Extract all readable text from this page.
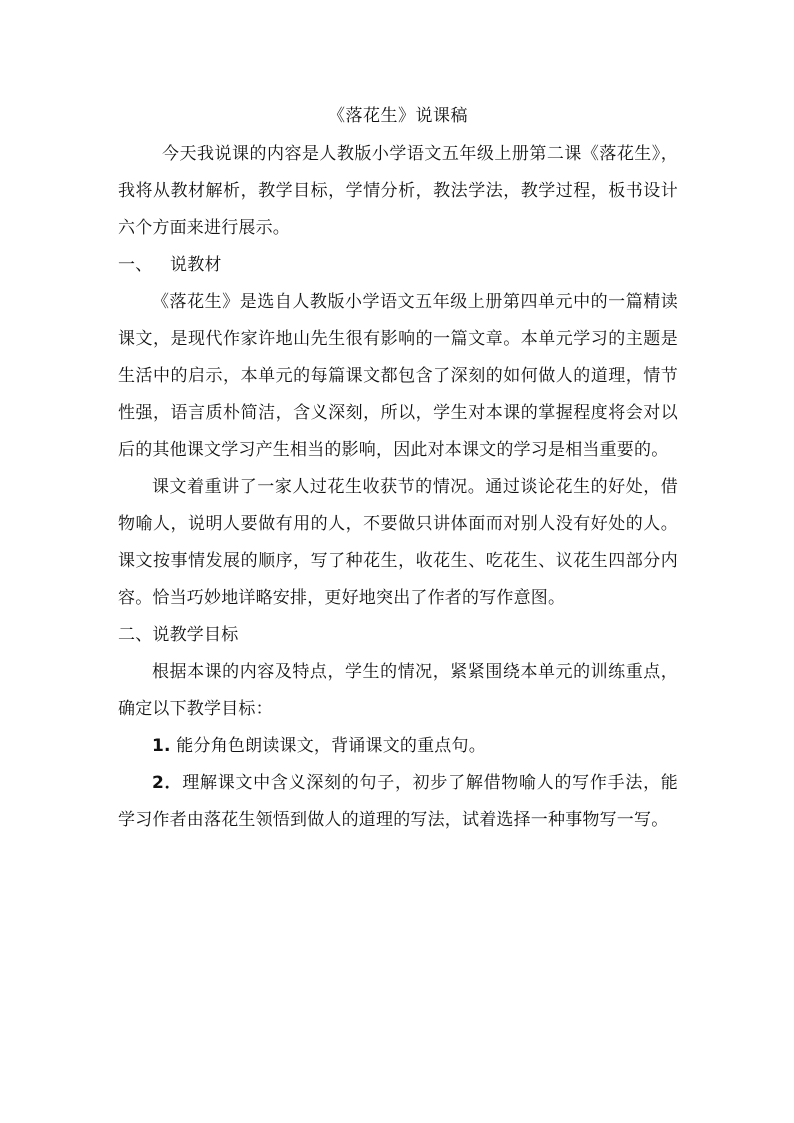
《落花生》说课稿

今天我说课的内容是人教版小学语文五年级上册第二课《落花生》，我将从教材解析，教学目标，学情分析，教法学法，教学过程，板书设计六个方面来进行展示。

一、 说教材

《落花生》是选自人教版小学语文五年级上册第四单元中的一篇精读课文，是现代作家许地山先生很有影响的一篇文章。本单元学习的主题是生活中的启示，本单元的每篇课文都包含了深刻的如何做人的道理，情节性强，语言质朴简洁，含义深刻，所以，学生对本课的掌握程度将会对以后的其他课文学习产生相当的影响，因此对本课文的学习是相当重要的。

课文着重讲了一家人过花生收获节的情况。通过谈论花生的好处，借物喻人，说明人要做有用的人，不要做只讲体面而对别人没有好处的人。课文按事情发展的顺序，写了种花生，收花生、吃花生、议花生四部分内容。恰当巧妙地详略安排，更好地突出了作者的写作意图。

二、说教学目标

根据本课的内容及特点，学生的情况，紧紧围绕本单元的训练重点，确定以下教学目标：

1. 能分角色朗读课文，背诵课文的重点句。

2．理解课文中含义深刻的句子，初步了解借物喻人的写作手法，能学习作者由落花生领悟到做人的道理的写法，试着选择一种事物写一写。
